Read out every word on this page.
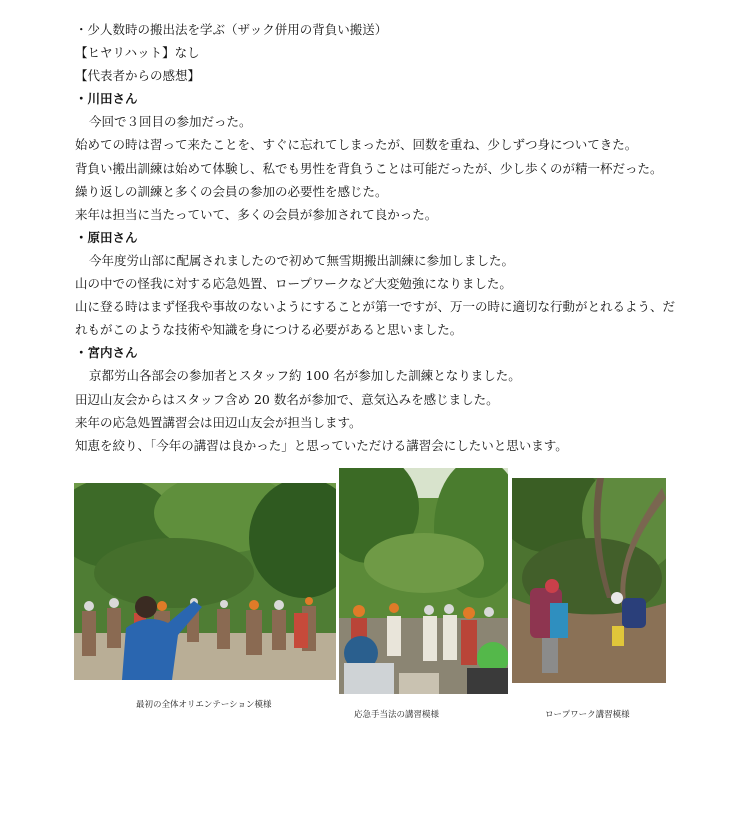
・少人数時の搬出法を学ぶ（ザック併用の背負い搬送）
【ヒヤリハット】なし
【代表者からの感想】
・川田さん
今回で３回目の参加だった。
始めての時は習って来たことを、すぐに忘れてしまったが、回数を重ね、少しずつ身についてきた。
背負い搬出訓練は始めて体験し、私でも男性を背負うことは可能だったが、少し歩くのが精一杯だった。
繰り返しの訓練と多くの会員の参加の必要性を感じた。
来年は担当に当たっていて、多くの会員が参加されて良かった。
・原田さん
今年度労山部に配属されましたので初めて無雪期搬出訓練に参加しました。
山の中での怪我に対する応急処置、ロープワークなど大変勉強になりました。
山に登る時はまず怪我や事故のないようにすることが第一ですが、万一の時に適切な行動がとれるよう、だ
れもがこのような技術や知識を身につける必要があると思いました。
・宮内さん
京都労山各部会の参加者とスタッフ約 100 名が参加した訓練となりました。
田辺山友会からはスタッフ含め 20 数名が参加で、意気込みを感じました。
来年の応急処置講習会は田辺山友会が担当します。
知恵を絞り、「今年の講習は良かった」と思っていただける講習会にしたいと思います。
最初の全体オリエンテーション模様
応急手当法の講習模様	ロープワーク講習模様
